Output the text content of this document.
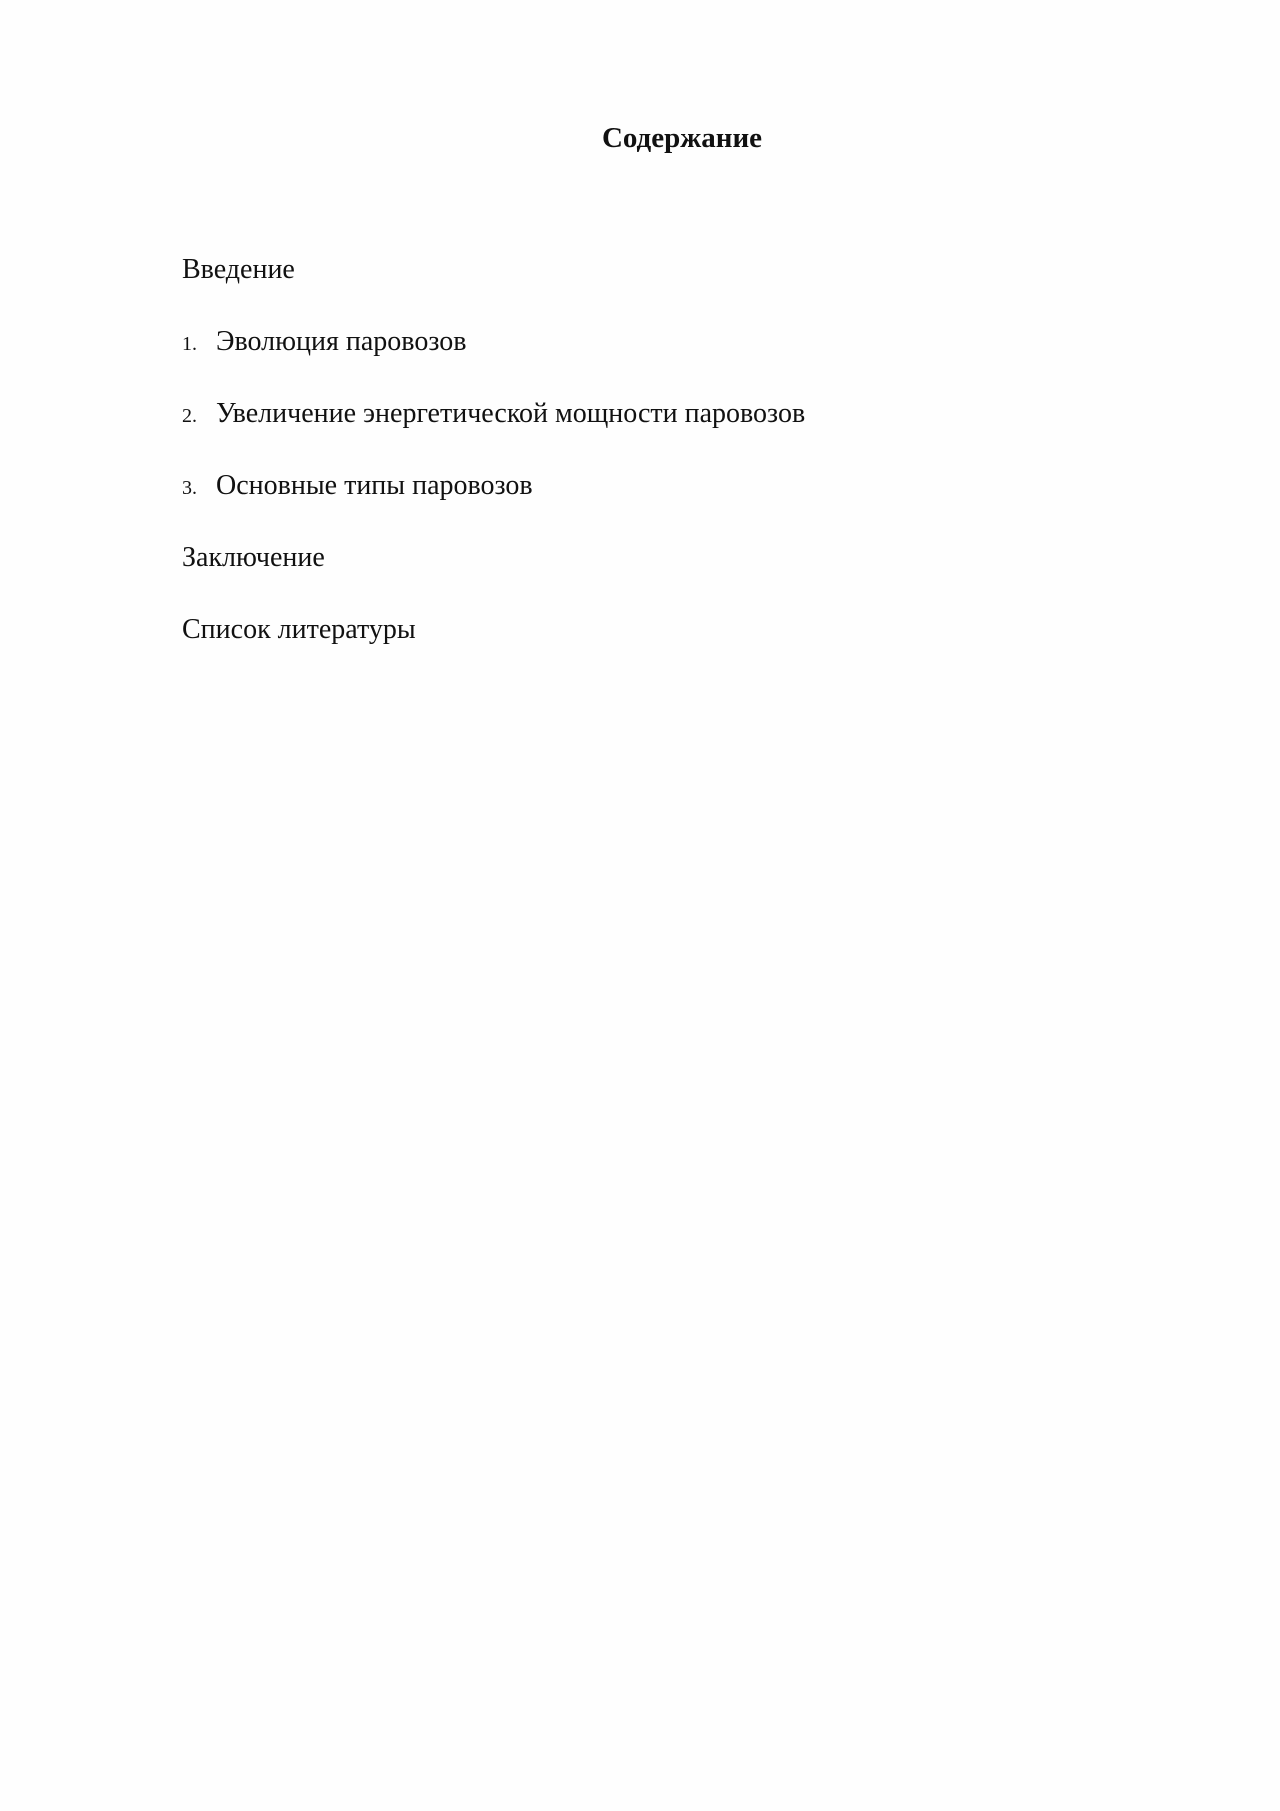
Содержание
Введение
1. Эволюция паровозов
2. Увеличение энергетической мощности паровозов
3. Основные типы паровозов
Заключение
Список литературы
